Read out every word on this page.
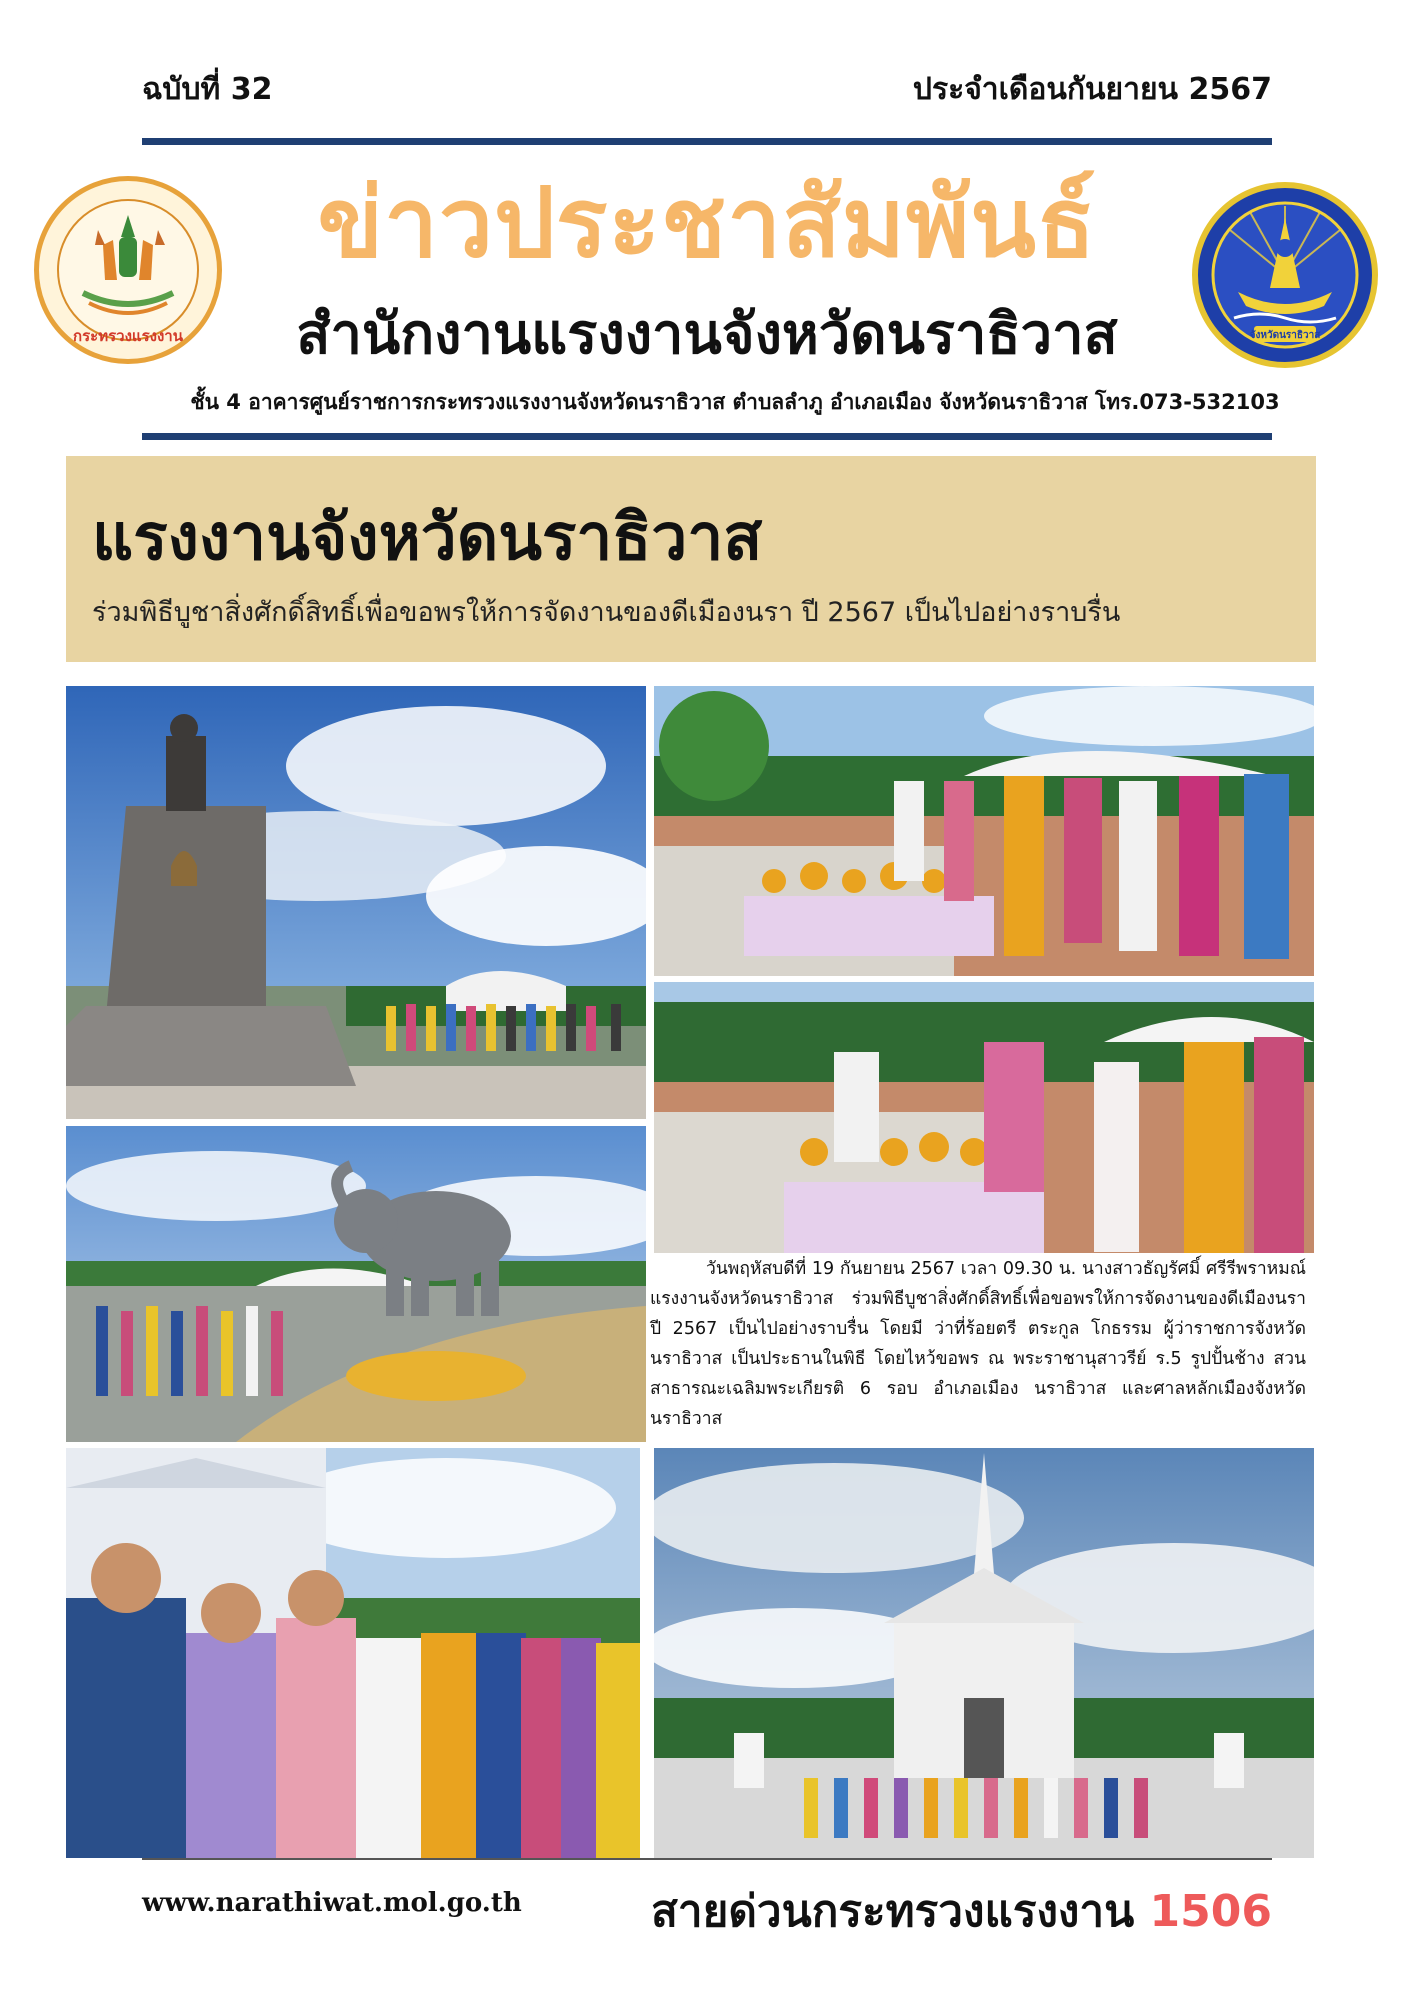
ฉบับที่ 32	ประจำเดือนกันยายน 2567
กระทรวงแรงงาน
ข่าวประชาสัมพันธ์
สำนักงานแรงงานจังหวัดนราธิวาส
ชั้น 4 อาคารศูนย์ราชการกระทรวงแรงงานจังหวัดนราธิวาส ตำบลลำภู อำเภอเมือง จังหวัดนราธิวาส โทร.073-532103
จังหวัดนราธิวาส
แรงงานจังหวัดนราธิวาส
ร่วมพิธีบูชาสิ่งศักดิ์สิทธิ์เพื่อขอพรให้การจัดงานของดีเมืองนรา ปี 2567 เป็นไปอย่างราบรื่น

วันพฤหัสบดีที่ 19 กันยายน 2567 เวลา 09.30 น. นางสาวธัญรัศมิ์ ศรีรีพราหมณ์ แรงงานจังหวัดนราธิวาส ร่วมพิธีบูชาสิ่งศักดิ์สิทธิ์เพื่อขอพรให้การจัดงานของดีเมืองนรา ปี 2567 เป็นไปอย่างราบรื่น โดยมี ว่าที่ร้อยตรี ตระกูล โกธรรม ผู้ว่าราชการจังหวัดนราธิวาส เป็นประธานในพิธี โดยไหว้ขอพร ณ พระราชานุสาวรีย์ ร.5 รูปปั้นช้าง สวนสาธารณะเฉลิมพระเกียรติ 6 รอบ อำเภอเมือง นราธิวาส และศาลหลักเมืองจังหวัดนราธิวาส

www.narathiwat.mol.go.th	สายด่วนกระทรวงแรงงาน 1506
